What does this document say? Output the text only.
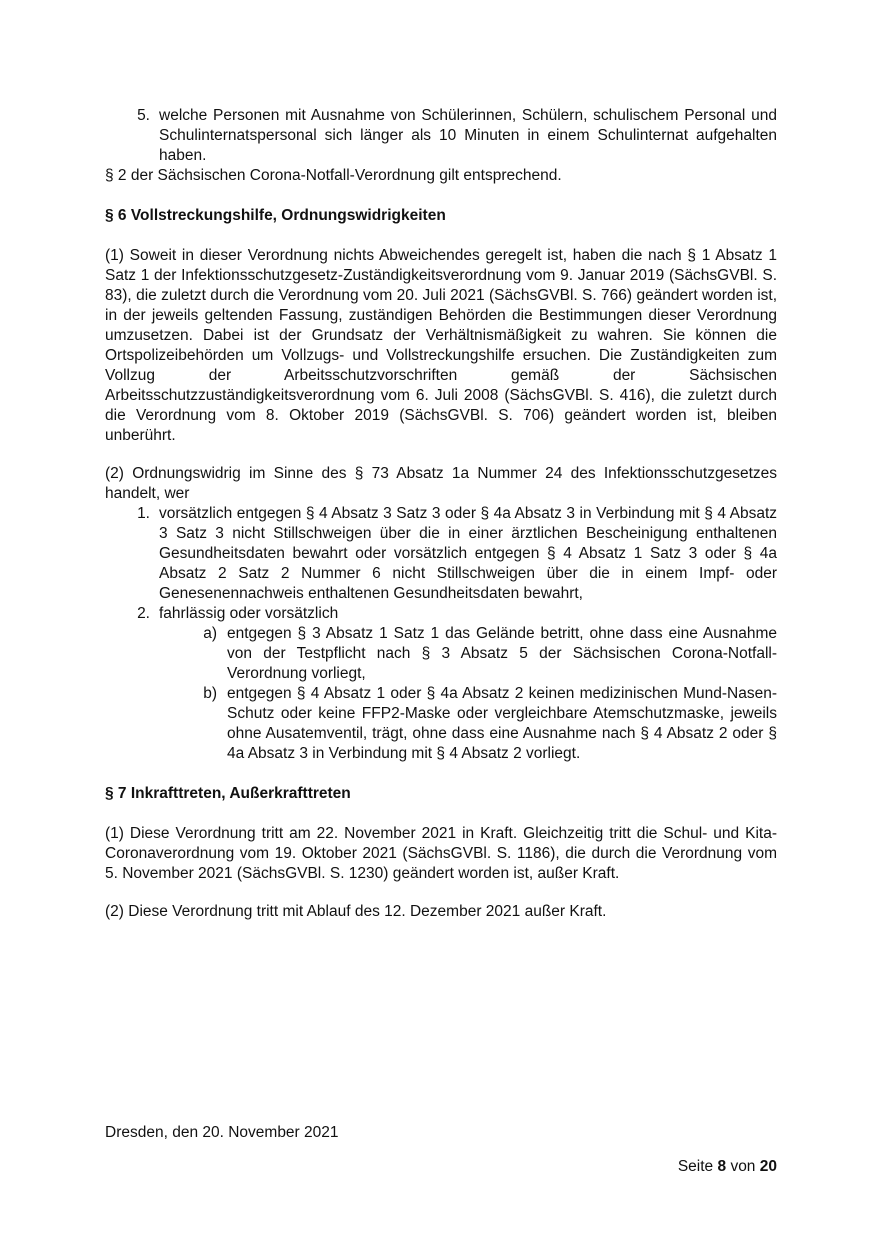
5. welche Personen mit Ausnahme von Schülerinnen, Schülern, schulischem Personal und Schulinternatspersonal sich länger als 10 Minuten in einem Schulinternat aufgehalten haben.

§ 2 der Sächsischen Corona-Notfall-Verordnung gilt entsprechend.

§ 6 Vollstreckungshilfe, Ordnungswidrigkeiten

(1) Soweit in dieser Verordnung nichts Abweichendes geregelt ist, haben die nach § 1 Absatz 1 Satz 1 der Infektionsschutzgesetz-Zuständigkeitsverordnung vom 9. Januar 2019 (SächsGVBl. S. 83), die zuletzt durch die Verordnung vom 20. Juli 2021 (SächsGVBl. S. 766) geändert worden ist, in der jeweils geltenden Fassung, zuständigen Behörden die Bestimmungen dieser Verordnung umzusetzen. Dabei ist der Grundsatz der Verhältnismäßigkeit zu wahren. Sie können die Ortspolizeibehörden um Vollzugs- und Vollstreckungshilfe ersuchen. Die Zuständigkeiten zum Vollzug der Arbeitsschutzvorschriften gemäß der Sächsischen Arbeitsschutzzuständigkeitsverordnung vom 6. Juli 2008 (SächsGVBl. S. 416), die zuletzt durch die Verordnung vom 8. Oktober 2019 (SächsGVBl. S. 706) geändert worden ist, bleiben unberührt.

(2) Ordnungswidrig im Sinne des § 73 Absatz 1a Nummer 24 des Infektionsschutzgesetzes handelt, wer

1. vorsätzlich entgegen § 4 Absatz 3 Satz 3 oder § 4a Absatz 3 in Verbindung mit § 4 Absatz 3 Satz 3 nicht Stillschweigen über die in einer ärztlichen Bescheinigung enthaltenen Gesundheitsdaten bewahrt oder vorsätzlich entgegen § 4 Absatz 1 Satz 3 oder § 4a Absatz 2 Satz 2 Nummer 6 nicht Stillschweigen über die in einem Impf- oder Genesenennachweis enthaltenen Gesundheitsdaten bewahrt,
2. fahrlässig oder vorsätzlich
a) entgegen § 3 Absatz 1 Satz 1 das Gelände betritt, ohne dass eine Ausnahme von der Testpflicht nach § 3 Absatz 5 der Sächsischen Corona-Notfall-Verordnung vorliegt,
b) entgegen § 4 Absatz 1 oder § 4a Absatz 2 keinen medizinischen Mund-Nasen-Schutz oder keine FFP2-Maske oder vergleichbare Atemschutzmaske, jeweils ohne Ausatemventil, trägt, ohne dass eine Ausnahme nach § 4 Absatz 2 oder § 4a Absatz 3 in Verbindung mit § 4 Absatz 2 vorliegt.
§ 7 Inkrafttreten, Außerkrafttreten

(1) Diese Verordnung tritt am 22. November 2021 in Kraft. Gleichzeitig tritt die Schul- und Kita-Coronaverordnung vom 19. Oktober 2021 (SächsGVBl. S. 1186), die durch die Verordnung vom 5. November 2021 (SächsGVBl. S. 1230) geändert worden ist, außer Kraft.

(2) Diese Verordnung tritt mit Ablauf des 12. Dezember 2021 außer Kraft.

Dresden, den 20. November 2021
Seite 8 von 20
